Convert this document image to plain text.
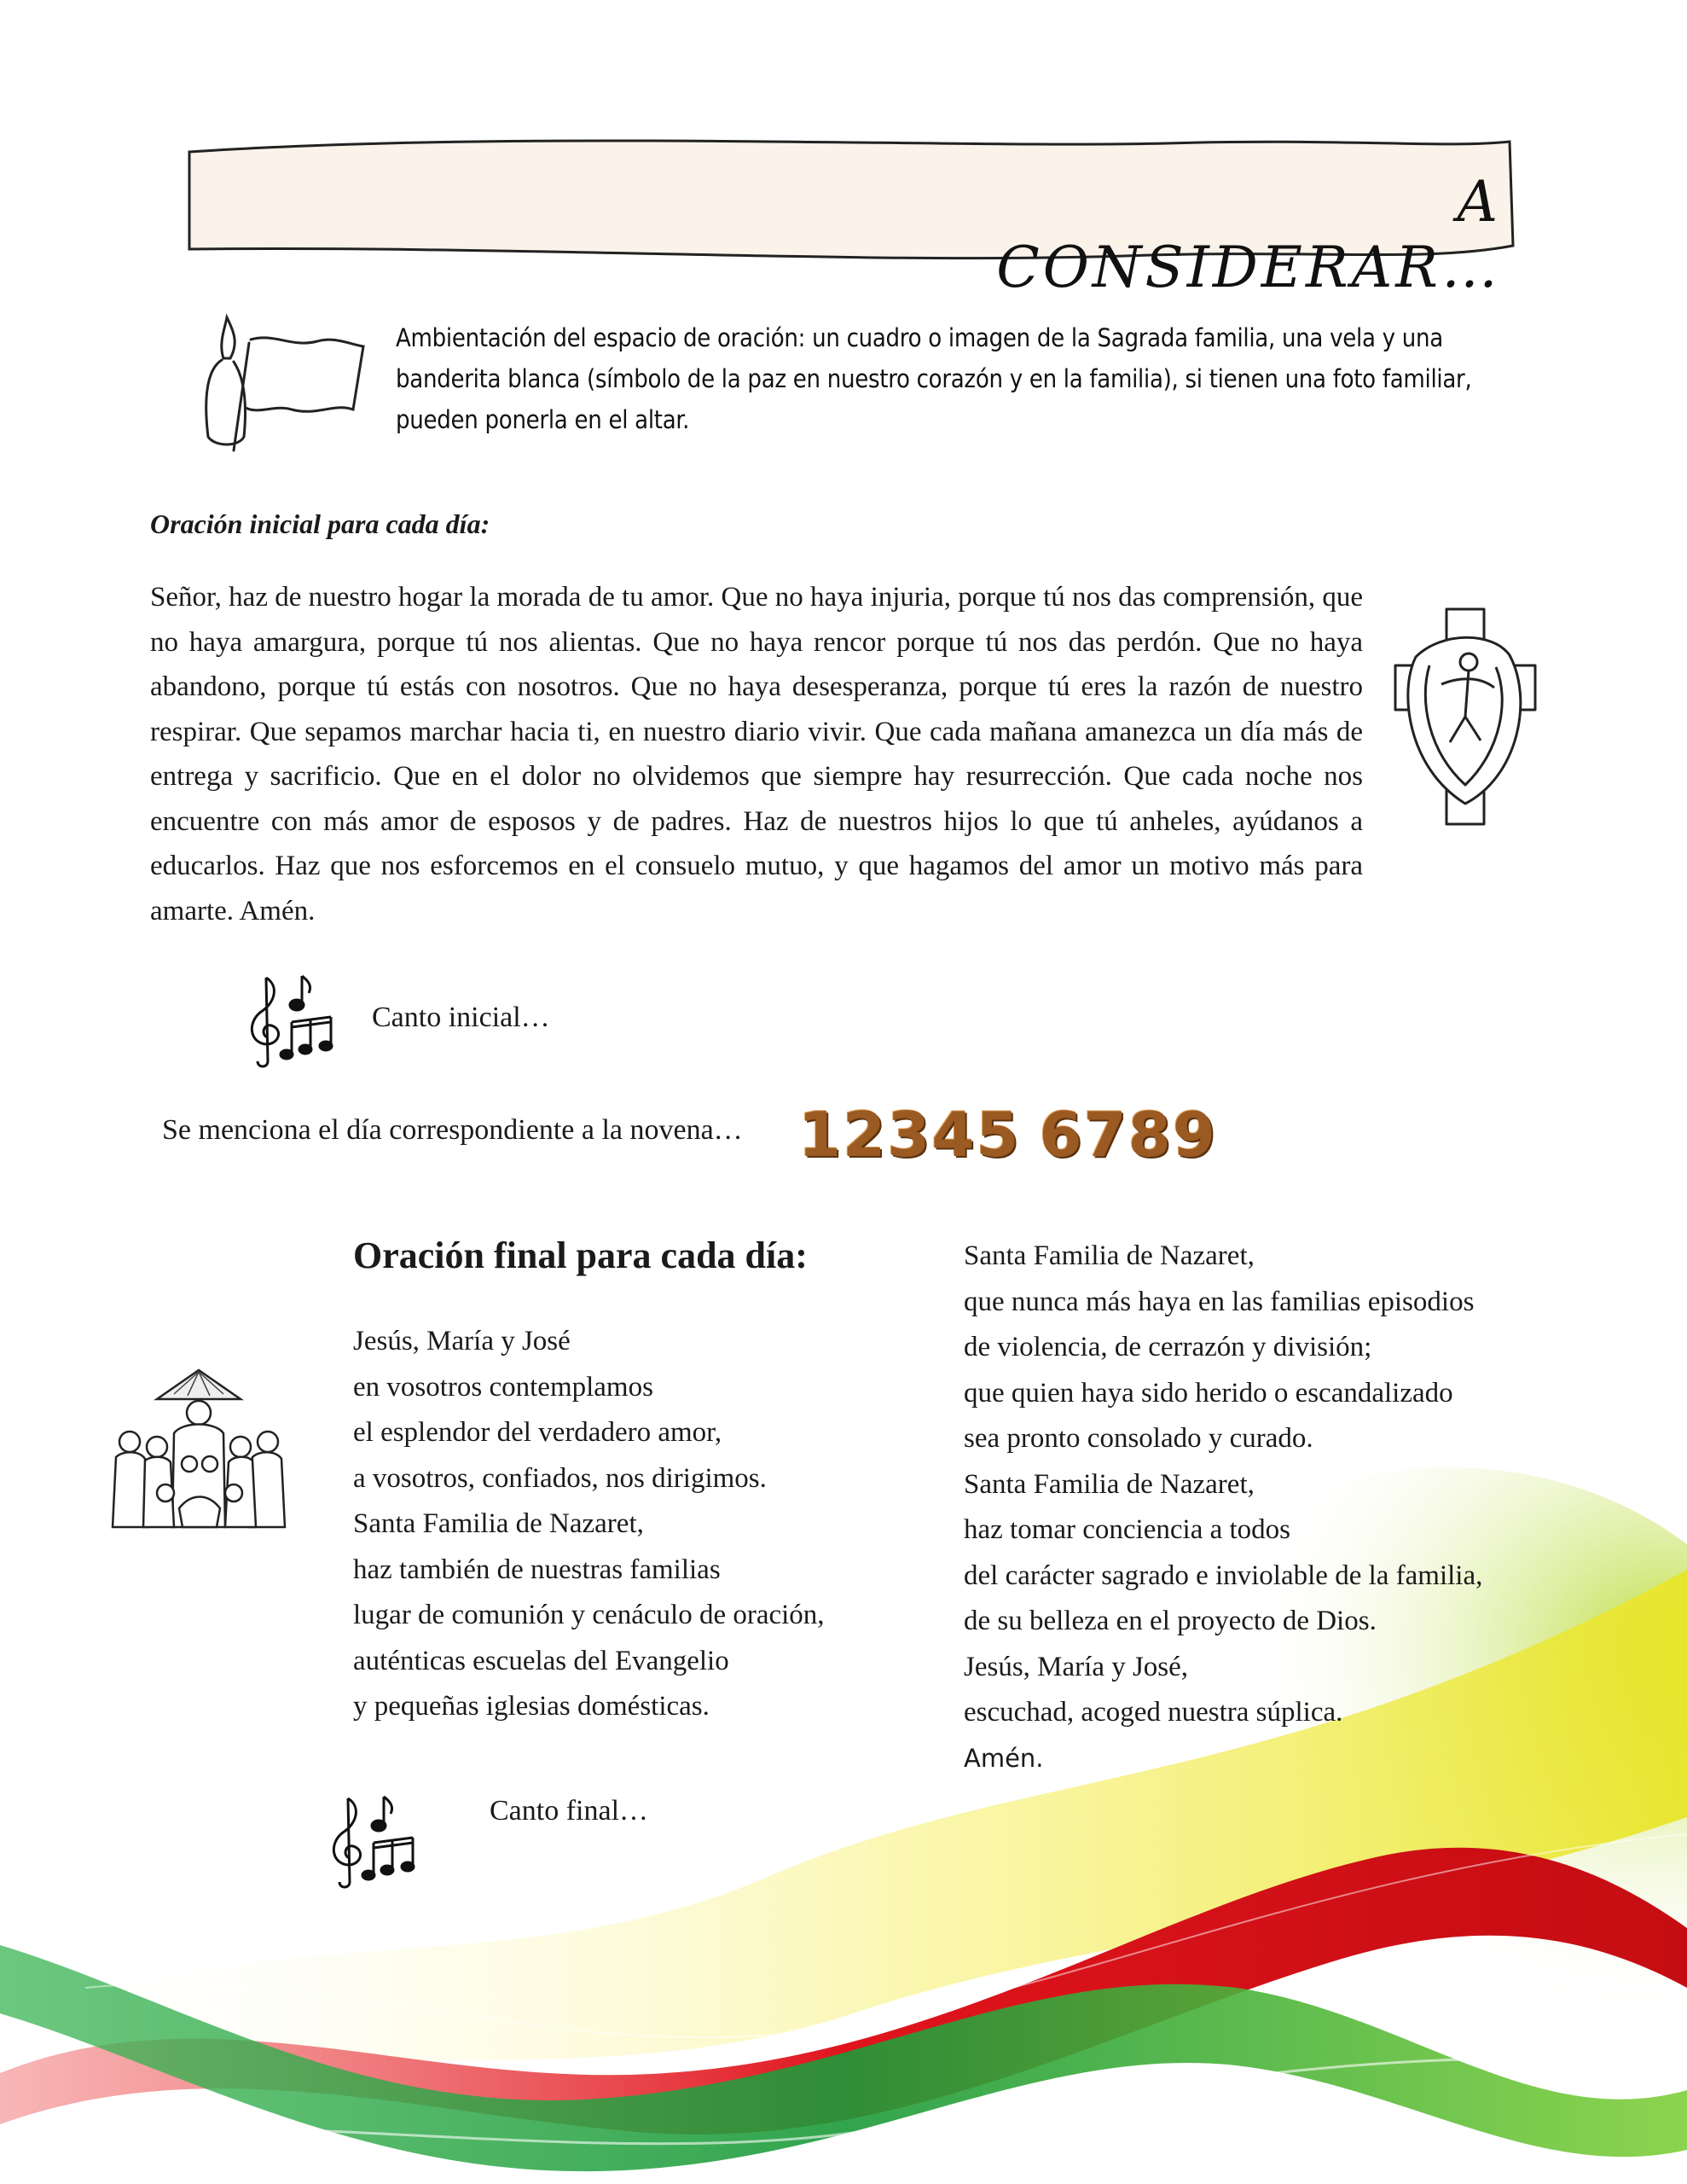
A CONSIDERAR…
Ambientación del espacio de oración: un cuadro o imagen de la Sagrada familia, una vela y una banderita blanca (símbolo de la paz en nuestro corazón y en la familia), si tienen una foto familiar, pueden ponerla en el altar.
Oración inicial para cada día:
Señor, haz de nuestro hogar la morada de tu amor. Que no haya injuria, porque tú nos das comprensión, que no haya amargura, porque tú nos alientas. Que no haya rencor porque tú nos das perdón. Que no haya abandono, porque tú estás con nosotros. Que no haya desesperanza, porque tú eres la razón de nuestro respirar. Que sepamos marchar hacia ti, en nuestro diario vivir. Que cada mañana amanezca un día más de entrega y sacrificio. Que en el dolor no olvidemos que siempre hay resurrección. Que cada noche nos encuentre con más amor de esposos y de padres. Haz de nuestros hijos lo que tú anheles, ayúdanos a educarlos. Haz que nos esforcemos en el consuelo mutuo, y que hagamos del amor un motivo más para amarte. Amén.
Canto inicial…
Se menciona el día correspondiente a la novena… 1 2 3 4 5 6 7 8 9
Oración final para cada día:
Jesús, María y José
en vosotros contemplamos
el esplendor del verdadero amor,
a vosotros, confiados, nos dirigimos.
Santa Familia de Nazaret,
haz también de nuestras familias
lugar de comunión y cenáculo de oración,
auténticas escuelas del Evangelio
y pequeñas iglesias domésticas.
Santa Familia de Nazaret,
que nunca más haya en las familias episodios
de violencia, de cerrazón y división;
que quien haya sido herido o escandalizado
sea pronto consolado y curado.
Santa Familia de Nazaret,
haz tomar conciencia a todos
del carácter sagrado e inviolable de la familia,
de su belleza en el proyecto de Dios.
Jesús, María y José,
escuchad, acoged nuestra súplica.
Amén.
Canto final…
